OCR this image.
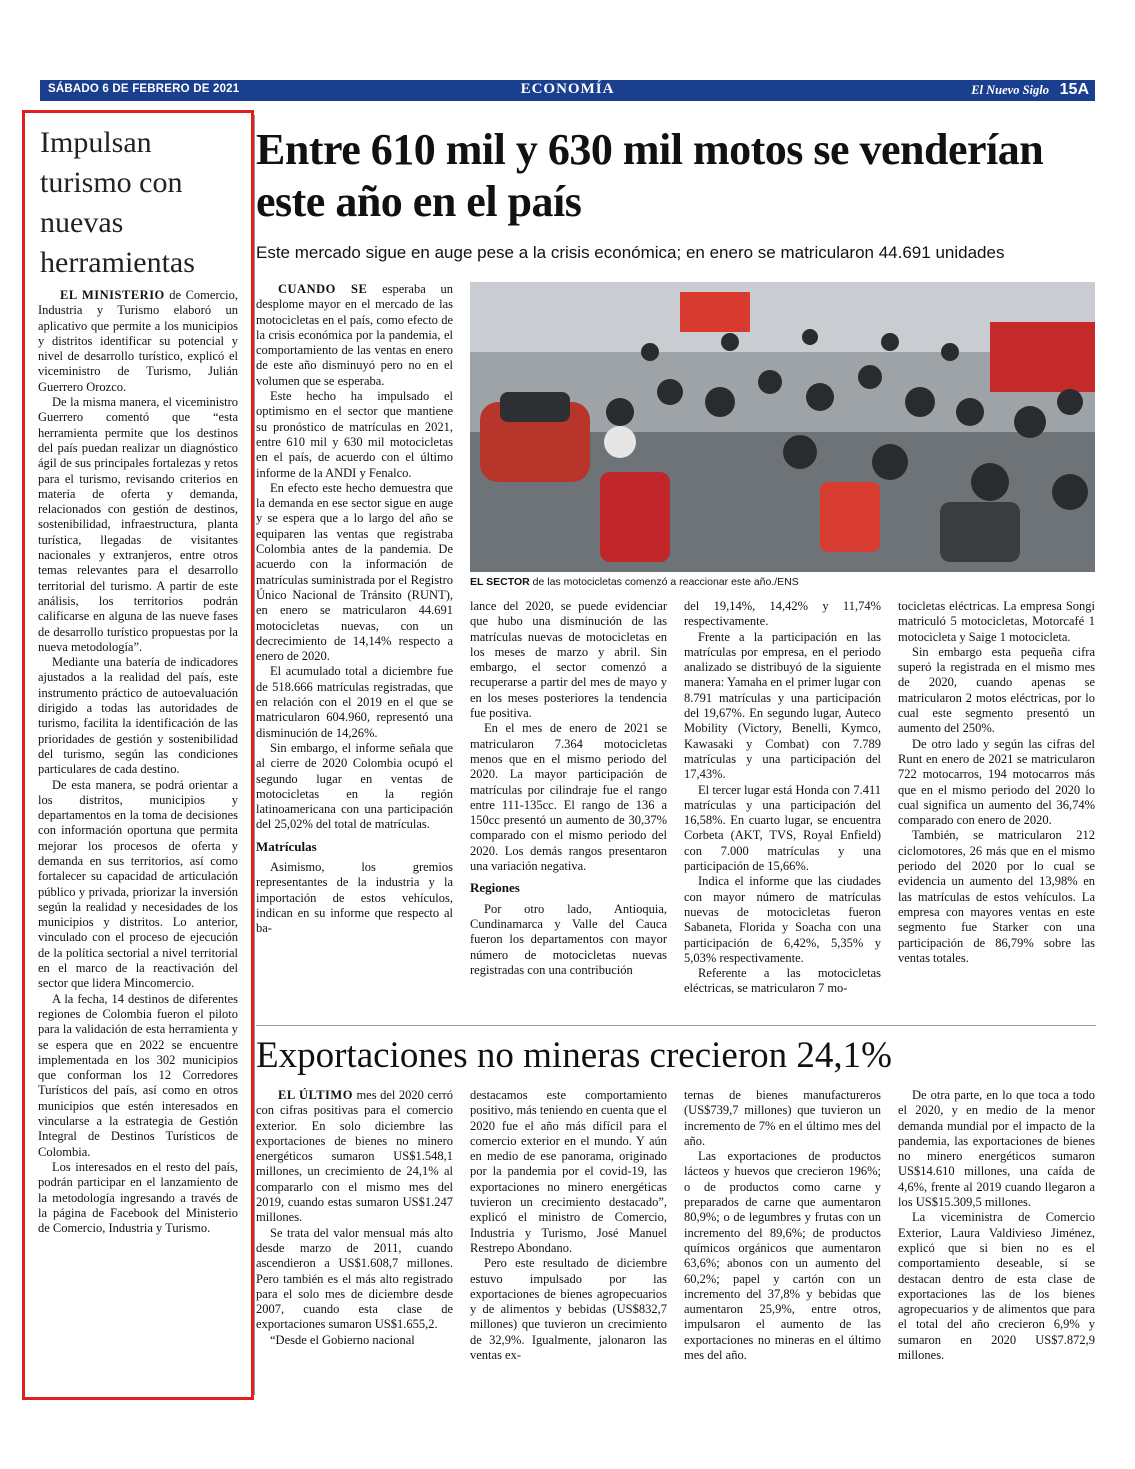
SÁBADO 6 DE FEBRERO DE 2021	ECONOMÍA	El Nuevo Siglo 15A
Impulsan turismo con nuevas herramientas

EL MINISTERIO de Comercio, Industria y Turismo elaboró un aplicativo que permite a los municipios y distritos identificar su potencial y nivel de desarrollo turístico, explicó el viceministro de Turismo, Julián Guerrero Orozco.

De la misma manera, el viceministro Guerrero comentó que “esta herramienta permite que los destinos del país puedan realizar un diagnóstico ágil de sus principales fortalezas y retos para el turismo, revisando criterios en materia de oferta y demanda, relacionados con gestión de destinos, sostenibilidad, infraestructura, planta turística, llegadas de visitantes nacionales y extranjeros, entre otros temas relevantes para el desarrollo territorial del turismo. A partir de este análisis, los territorios podrán calificarse en alguna de las nueve fases de desarrollo turístico propuestas por la nueva metodología”.

Mediante una batería de indicadores ajustados a la realidad del país, este instrumento práctico de autoevaluación dirigido a todas las autoridades de turismo, facilita la identificación de las prioridades de gestión y sostenibilidad del turismo, según las condiciones particulares de cada destino.

De esta manera, se podrá orientar a los distritos, municipios y departamentos en la toma de decisiones con información oportuna que permita mejorar los procesos de oferta y demanda en sus territorios, así como fortalecer su capacidad de articulación público y privada, priorizar la inversión según la realidad y necesidades de los municipios y distritos. Lo anterior, vinculado con el proceso de ejecución de la política sectorial a nivel territorial en el marco de la reactivación del sector que lidera Mincomercio.

A la fecha, 14 destinos de diferentes regiones de Colombia fueron el piloto para la validación de esta herramienta y se espera que en 2022 se encuentre implementada en los 302 municipios que conforman los 12 Corredores Turísticos del país, así como en otros municipios que estén interesados en vincularse a la estrategia de Gestión Integral de Destinos Turísticos de Colombia.

Los interesados en el resto del país, podrán participar en el lanzamiento de la metodología ingresando a través de la página de Facebook del Ministerio de Comercio, Industria y Turismo.

Entre 610 mil y 630 mil motos se venderían este año en el país
Este mercado sigue en auge pese a la crisis económica; en enero se matricularon 44.691 unidades

CUANDO SE esperaba un desplome mayor en el mercado de las motocicletas en el país, como efecto de la crisis económica por la pandemia, el comportamiento de las ventas en enero de este año disminuyó pero no en el volumen que se esperaba.

Este hecho ha impulsado el optimismo en el sector que mantiene su pronóstico de matrículas en 2021, entre 610 mil y 630 mil motocicletas en el país, de acuerdo con el último informe de la ANDI y Fenalco.

En efecto este hecho demuestra que la demanda en ese sector sigue en auge y se espera que a lo largo del año se equiparen las ventas que registraba Colombia antes de la pandemia. De acuerdo con la información de matrículas suministrada por el Registro Único Nacional de Tránsito (RUNT), en enero se matricularon 44.691 motocicletas nuevas, con un decrecimiento de 14,14% respecto a enero de 2020.

El acumulado total a diciembre fue de 518.666 matrículas registradas, que en relación con el 2019 en el que se matricularon 604.960, representó una disminución de 14,26%.

Sin embargo, el informe señala que al cierre de 2020 Colombia ocupó el segundo lugar en ventas de motocicletas en la región latinoamericana con una participación del 25,02% del total de matrículas.

Matrículas

Asimismo, los gremios representantes de la industria y la importación de estos vehículos, indican en su informe que respecto al ba-

EL SECTOR de las motocicletas comenzó a reaccionar este año./ENS

lance del 2020, se puede evidenciar que hubo una disminución de las matrículas nuevas de motocicletas en los meses de marzo y abril. Sin embargo, el sector comenzó a recuperarse a partir del mes de mayo y en los meses posteriores la tendencia fue positiva.

En el mes de enero de 2021 se matricularon 7.364 motocicletas menos que en el mismo periodo del 2020. La mayor participación de matrículas por cilindraje fue el rango entre 111-135cc. El rango de 136 a 150cc presentó un aumento de 30,37% comparado con el mismo periodo del 2020. Los demás rangos presentaron una variación negativa.

Regiones

Por otro lado, Antioquia, Cundinamarca y Valle del Cauca fueron los departamentos con mayor número de motocicletas nuevas registradas con una contribución

del 19,14%, 14,42% y 11,74% respectivamente.

Frente a la participación en las matrículas por empresa, en el periodo analizado se distribuyó de la siguiente manera: Yamaha en el primer lugar con 8.791 matrículas y una participación del 19,67%. En segundo lugar, Auteco Mobility (Victory, Benelli, Kymco, Kawasaki y Combat) con 7.789 matrículas y una participación del 17,43%.

El tercer lugar está Honda con 7.411 matrículas y una participación del 16,58%. En cuarto lugar, se encuentra Corbeta (AKT, TVS, Royal Enfield) con 7.000 matrículas y una participación de 15,66%.

Indica el informe que las ciudades con mayor número de matrículas nuevas de motocicletas fueron Sabaneta, Florida y Soacha con una participación de 6,42%, 5,35% y 5,03% respectivamente.

Referente a las motocicletas eléctricas, se matricularon 7 mo-

tocicletas eléctricas. La empresa Songi matriculó 5 motocicletas, Motorcafé 1 motocicleta y Saige 1 motocicleta.

Sin embargo esta pequeña cifra superó la registrada en el mismo mes de 2020, cuando apenas se matricularon 2 motos eléctricas, por lo cual este segmento presentó un aumento del 250%.

De otro lado y según las cifras del Runt en enero de 2021 se matricularon 722 motocarros, 194 motocarros más que en el mismo periodo del 2020 lo cual significa un aumento del 36,74% comparado con enero de 2020.

También, se matricularon 212 ciclomotores, 26 más que en el mismo periodo del 2020 por lo cual se evidencia un aumento del 13,98% en las matrículas de estos vehículos. La empresa con mayores ventas en este segmento fue Starker con una participación de 86,79% sobre las ventas totales.

Exportaciones no mineras crecieron 24,1%

EL ÚLTIMO mes del 2020 cerró con cifras positivas para el comercio exterior. En solo diciembre las exportaciones de bienes no minero energéticos sumaron US$1.548,1 millones, un crecimiento de 24,1% al compararlo con el mismo mes del 2019, cuando estas sumaron US$1.247 millones.

Se trata del valor mensual más alto desde marzo de 2011, cuando ascendieron a US$1.608,7 millones. Pero también es el más alto registrado para el solo mes de diciembre desde 2007, cuando esta clase de exportaciones sumaron US$1.655,2.

“Desde el Gobierno nacional

destacamos este comportamiento positivo, más teniendo en cuenta que el 2020 fue el año más difícil para el comercio exterior en el mundo. Y aún en medio de ese panorama, originado por la pandemia por el covid-19, las exportaciones no minero energéticas tuvieron un crecimiento destacado”, explicó el ministro de Comercio, Industria y Turismo, José Manuel Restrepo Abondano.

Pero este resultado de diciembre estuvo impulsado por las exportaciones de bienes agropecuarios y de alimentos y bebidas (US$832,7 millones) que tuvieron un crecimiento de 32,9%. Igualmente, jalonaron las ventas ex-

ternas de bienes manufactureros (US$739,7 millones) que tuvieron un incremento de 7% en el último mes del año.

Las exportaciones de productos lácteos y huevos que crecieron 196%; o de productos como carne y preparados de carne que aumentaron 80,9%; o de legumbres y frutas con un incremento del 89,6%; de productos químicos orgánicos que aumentaron 63,6%; abonos con un aumento del 60,2%; papel y cartón con un incremento del 37,8% y bebidas que aumentaron 25,9%, entre otros, impulsaron el aumento de las exportaciones no mineras en el último mes del año.

De otra parte, en lo que toca a todo el 2020, y en medio de la menor demanda mundial por el impacto de la pandemia, las exportaciones de bienes no minero energéticos sumaron US$14.610 millones, una caída de 4,6%, frente al 2019 cuando llegaron a los US$15.309,5 millones.

La viceministra de Comercio Exterior, Laura Valdivieso Jiménez, explicó que si bien no es el comportamiento deseable, sí se destacan dentro de esta clase de exportaciones las de los bienes agropecuarios y de alimentos que para el total del año crecieron 6,9% y sumaron en 2020 US$7.872,9 millones.
